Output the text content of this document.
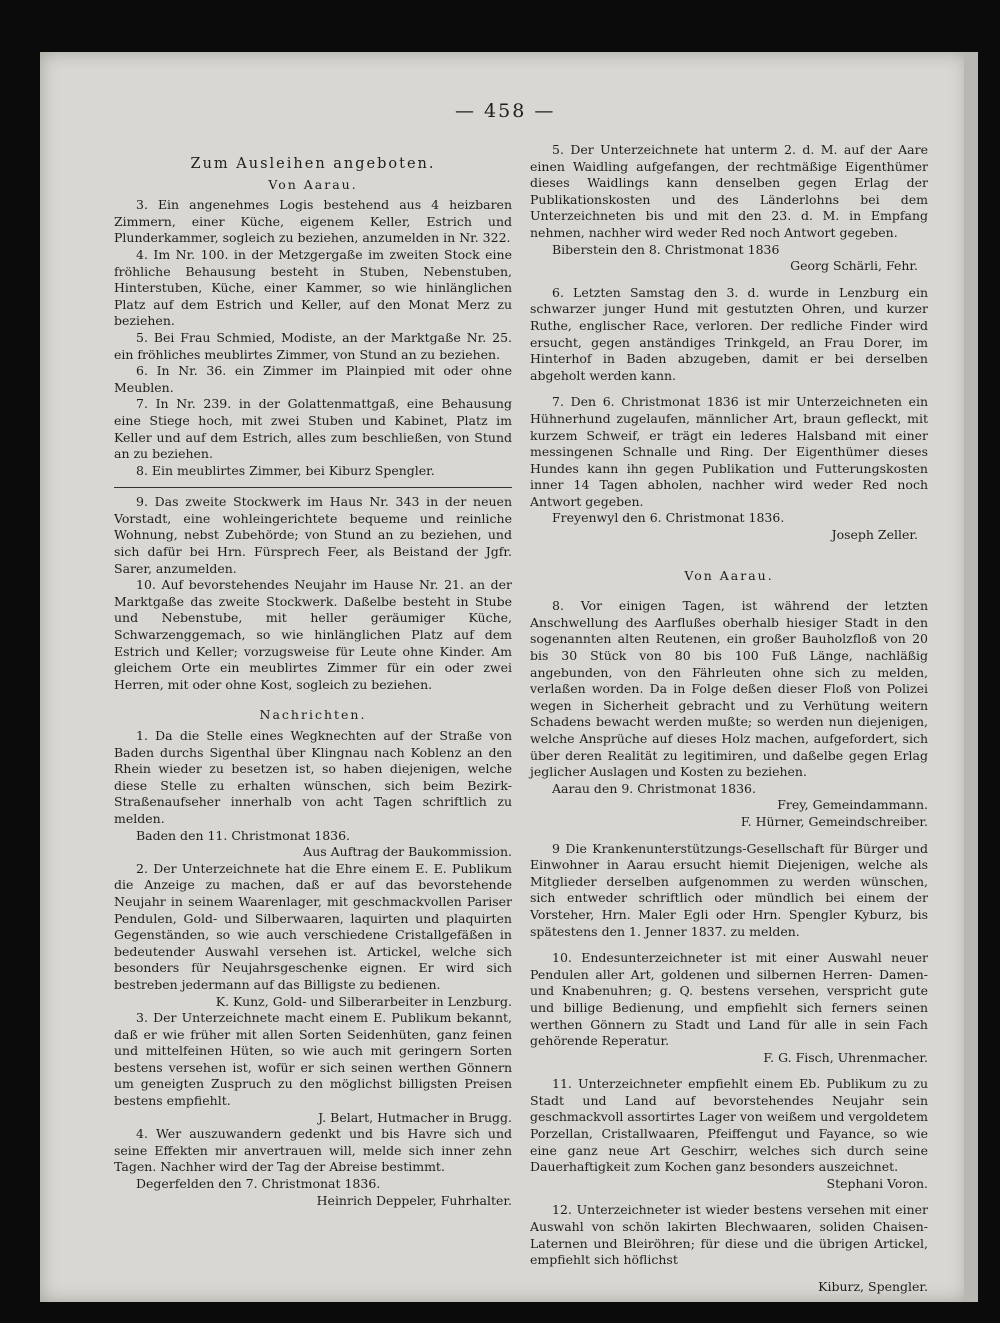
— 458 —

Zum Ausleihen angeboten.

Von Aarau.

3. Ein angenehmes Logis bestehend aus 4 heizbaren Zimmern, einer Küche, eigenem Keller, Estrich und Plunderkammer, sogleich zu beziehen, anzumelden in Nr. 322.

4. Im Nr. 100. in der Metzgergaße im zweiten Stock eine fröhliche Behausung besteht in Stuben, Nebenstuben, Hinterstuben, Küche, einer Kammer, so wie hinlänglichen Platz auf dem Estrich und Keller, auf den Monat Merz zu beziehen.

5. Bei Frau Schmied, Modiste, an der Marktgaße Nr. 25. ein fröhliches meublirtes Zimmer, von Stund an zu beziehen.

6. In Nr. 36. ein Zimmer im Plainpied mit oder ohne Meublen.

7. In Nr. 239. in der Golattenmattgaß, eine Behausung eine Stiege hoch, mit zwei Stuben und Kabinet, Platz im Keller und auf dem Estrich, alles zum beschließen, von Stund an zu beziehen.

8. Ein meublirtes Zimmer, bei Kiburz Spengler.

9. Das zweite Stockwerk im Haus Nr. 343 in der neuen Vorstadt, eine wohleingerichtete bequeme und reinliche Wohnung, nebst Zubehörde; von Stund an zu beziehen, und sich dafür bei Hrn. Fürsprech Feer, als Beistand der Jgfr. Sarer, anzumelden.

10. Auf bevorstehendes Neujahr im Hause Nr. 21. an der Marktgaße das zweite Stockwerk. Daßelbe besteht in Stube und Nebenstube, mit heller geräumiger Küche, Schwarzenggemach, so wie hinlänglichen Platz auf dem Estrich und Keller; vorzugsweise für Leute ohne Kinder. Am gleichem Orte ein meublirtes Zimmer für ein oder zwei Herren, mit oder ohne Kost, sogleich zu beziehen.

Nachrichten.

1. Da die Stelle eines Wegknechten auf der Straße von Baden durchs Sigenthal über Klingnau nach Koblenz an den Rhein wieder zu besetzen ist, so haben diejenigen, welche diese Stelle zu erhalten wünschen, sich beim Bezirk-Straßenaufseher innerhalb von acht Tagen schriftlich zu melden.

Baden den 11. Christmonat 1836.

Aus Auftrag der Baukommission.

2. Der Unterzeichnete hat die Ehre einem E. E. Publikum die Anzeige zu machen, daß er auf das bevorstehende Neujahr in seinem Waarenlager, mit geschmackvollen Pariser Pendulen, Gold- und Silberwaaren, laquirten und plaquirten Gegenständen, so wie auch verschiedene Cristallgefäßen in bedeutender Auswahl versehen ist. Artickel, welche sich besonders für Neujahrsgeschenke eignen. Er wird sich bestreben jedermann auf das Billigste zu bedienen.

K. Kunz, Gold- und Silberarbeiter in Lenzburg.

3. Der Unterzeichnete macht einem E. Publikum bekannt, daß er wie früher mit allen Sorten Seidenhüten, ganz feinen und mittelfeinen Hüten, so wie auch mit geringern Sorten bestens versehen ist, wofür er sich seinen werthen Gönnern um geneigten Zuspruch zu den möglichst billigsten Preisen bestens empfiehlt.

J. Belart, Hutmacher in Brugg.

4. Wer auszuwandern gedenkt und bis Havre sich und seine Effekten mir anvertrauen will, melde sich inner zehn Tagen. Nachher wird der Tag der Abreise bestimmt.

Degerfelden den 7. Christmonat 1836.

Heinrich Deppeler, Fuhrhalter.

5. Der Unterzeichnete hat unterm 2. d. M. auf der Aare einen Waidling aufgefangen, der rechtmäßige Eigenthümer dieses Waidlings kann denselben gegen Erlag der Publikationskosten und des Länderlohns bei dem Unterzeichneten bis und mit den 23. d. M. in Empfang nehmen, nachher wird weder Red noch Antwort gegeben.

Biberstein den 8. Christmonat 1836

Georg Schärli, Fehr.

6. Letzten Samstag den 3. d. wurde in Lenzburg ein schwarzer junger Hund mit gestutzten Ohren, und kurzer Ruthe, englischer Race, verloren. Der redliche Finder wird ersucht, gegen anständiges Trinkgeld, an Frau Dorer, im Hinterhof in Baden abzugeben, damit er bei derselben abgeholt werden kann.

7. Den 6. Christmonat 1836 ist mir Unterzeichneten ein Hühnerhund zugelaufen, männlicher Art, braun gefleckt, mit kurzem Schweif, er trägt ein lederes Halsband mit einer messingenen Schnalle und Ring. Der Eigenthümer dieses Hundes kann ihn gegen Publikation und Futterungskosten inner 14 Tagen abholen, nachher wird weder Red noch Antwort gegeben.

Freyenwyl den 6. Christmonat 1836.

Joseph Zeller.

Von Aarau.

8. Vor einigen Tagen, ist während der letzten Anschwellung des Aarflußes oberhalb hiesiger Stadt in den sogenannten alten Reutenen, ein großer Bauholzfloß von 20 bis 30 Stück von 80 bis 100 Fuß Länge, nachläßig angebunden, von den Fährleuten ohne sich zu melden, verlaßen worden. Da in Folge deßen dieser Floß von Polizei wegen in Sicherheit gebracht und zu Verhütung weitern Schadens bewacht werden mußte; so werden nun diejenigen, welche Ansprüche auf dieses Holz machen, aufgefordert, sich über deren Realität zu legitimiren, und daßelbe gegen Erlag jeglicher Auslagen und Kosten zu beziehen.

Aarau den 9. Christmonat 1836.

Frey, Gemeindammann.

F. Hürner, Gemeindschreiber.

9 Die Krankenunterstützungs-Gesellschaft für Bürger und Einwohner in Aarau ersucht hiemit Diejenigen, welche als Mitglieder derselben aufgenommen zu werden wünschen, sich entweder schriftlich oder mündlich bei einem der Vorsteher, Hrn. Maler Egli oder Hrn. Spengler Kyburz, bis spätestens den 1. Jenner 1837. zu melden.

10. Endesunterzeichneter ist mit einer Auswahl neuer Pendulen aller Art, goldenen und silbernen Herren- Damen- und Knabenuhren; g. Q. bestens versehen, verspricht gute und billige Bedienung, und empfiehlt sich ferners seinen werthen Gönnern zu Stadt und Land für alle in sein Fach gehörende Reperatur.

F. G. Fisch, Uhrenmacher.

11. Unterzeichneter empfiehlt einem Eb. Publikum zu zu Stadt und Land auf bevorstehendes Neujahr sein geschmackvoll assortirtes Lager von weißem und vergoldetem Porzellan, Cristallwaaren, Pfeiffengut und Fayance, so wie eine ganz neue Art Geschirr, welches sich durch seine Dauerhaftigkeit zum Kochen ganz besonders auszeichnet.

Stephani Voron.

12. Unterzeichneter ist wieder bestens versehen mit einer Auswahl von schön lakirten Blechwaaren, soliden Chaisen-Laternen und Bleiröhren; für diese und die übrigen Artickel, empfiehlt sich höflichst

Kiburz, Spengler.
